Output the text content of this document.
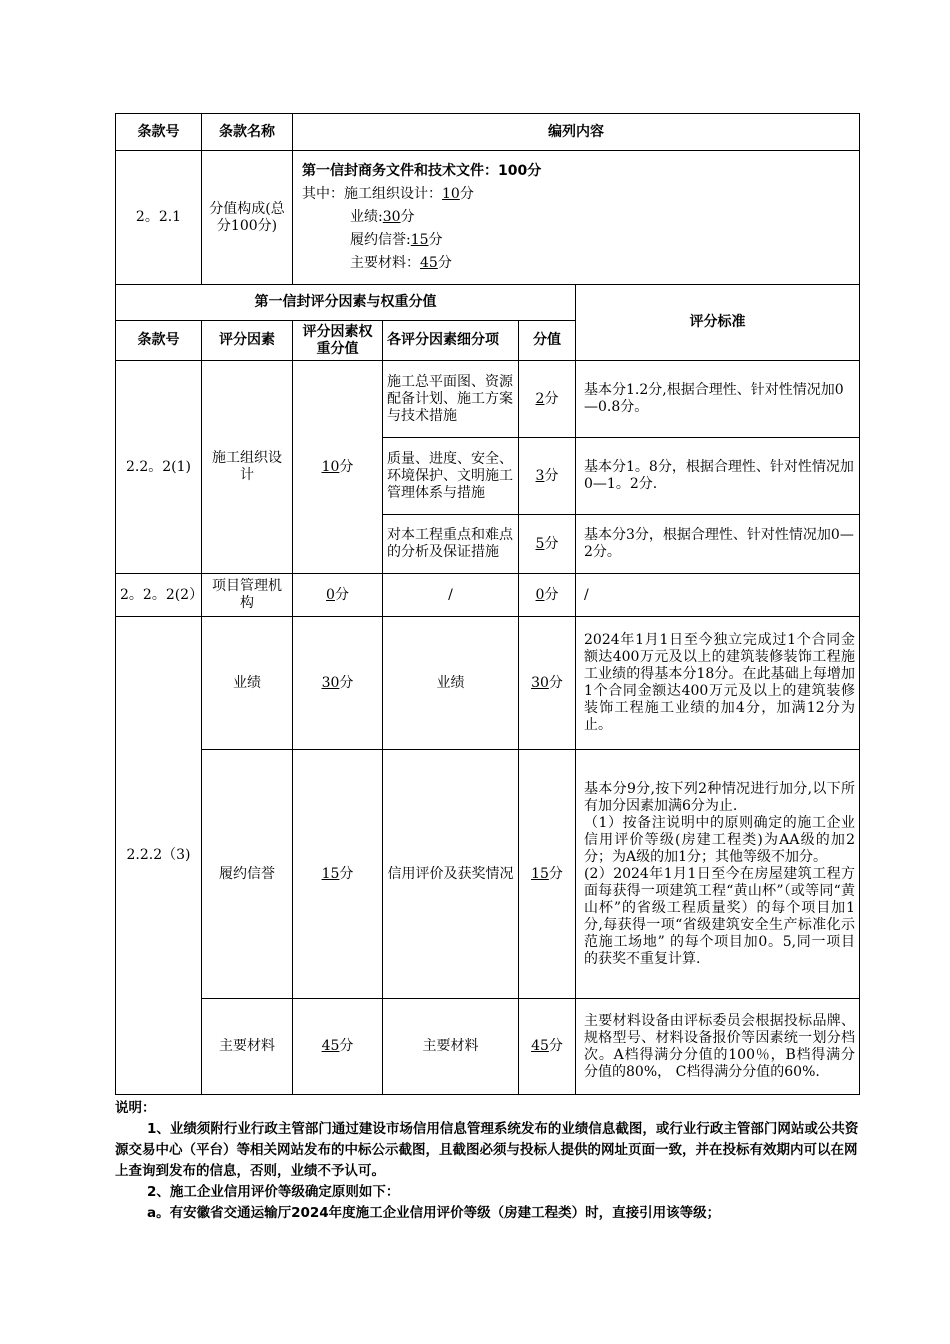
条款号	条款名称	编列内容			
2。2.1	分值构成(总分100分)	第一信封商务文件和技术文件：100分
其中：施工组织设计：10分
业绩:30分
履约信誉:15分
主要材料：45分			

第一信封评分因素与权重分值					评分标准
条款号	评分因素	评分因素权重分值	各评分因素细分项	分值	
2.2。2(1)	施工组织设计	10分	施工总平面图、资源配备计划、施工方案与技术措施	2分	基本分1.2分,根据合理性、针对性情况加0—0.8分。
			质量、进度、安全、环境保护、文明施工管理体系与措施	3分	基本分1。8分，根据合理性、针对性情况加0—1。2分.
			对本工程重点和难点的分析及保证措施	5分	基本分3分，根据合理性、针对性情况加0—2分。
2。2。2(2）	项目管理机构	0分	/	0分	/
2.2.2（3)	业绩	30分	业绩	30分	2024年1月1日至今独立完成过1个合同金额达400万元及以上的建筑装修装饰工程施工业绩的得基本分18分。在此基础上每增加1个合同金额达400万元及以上的建筑装修装饰工程施工业绩的加4分，加满12分为止。
	履约信誉	15分	信用评价及获奖情况	15分	基本分9分,按下列2种情况进行加分,以下所有加分因素加满6分为止.
（1）按备注说明中的原则确定的施工企业信用评价等级(房建工程类)为AA级的加2分；为A级的加1分；其他等级不加分。
(2）2024年1月1日至今在房屋建筑工程方面每获得一项建筑工程“黄山杯”（或等同“黄山杯”的省级工程质量奖）的每个项目加1分,每获得一项“省级建筑安全生产标准化示范施工场地” 的每个项目加0。5,同一项目的获奖不重复计算.

	主要材料	45分	主要材料	45分	主要材料设备由评标委员会根据投标品牌、规格型号、材料设备报价等因素统一划分档次。A档得满分分值的100％，B档得满分分值的80%， C档得满分分值的60%.

说明：

1、业绩须附行业行政主管部门通过建设市场信用信息管理系统发布的业绩信息截图，或行业行政主管部门网站或公共资源交易中心（平台）等相关网站发布的中标公示截图，且截图必须与投标人提供的网址页面一致，并在投标有效期内可以在网上查询到发布的信息，否则，业绩不予认可。

2、施工企业信用评价等级确定原则如下：

a。有安徽省交通运输厅2024年度施工企业信用评价等级（房建工程类）时，直接引用该等级；
